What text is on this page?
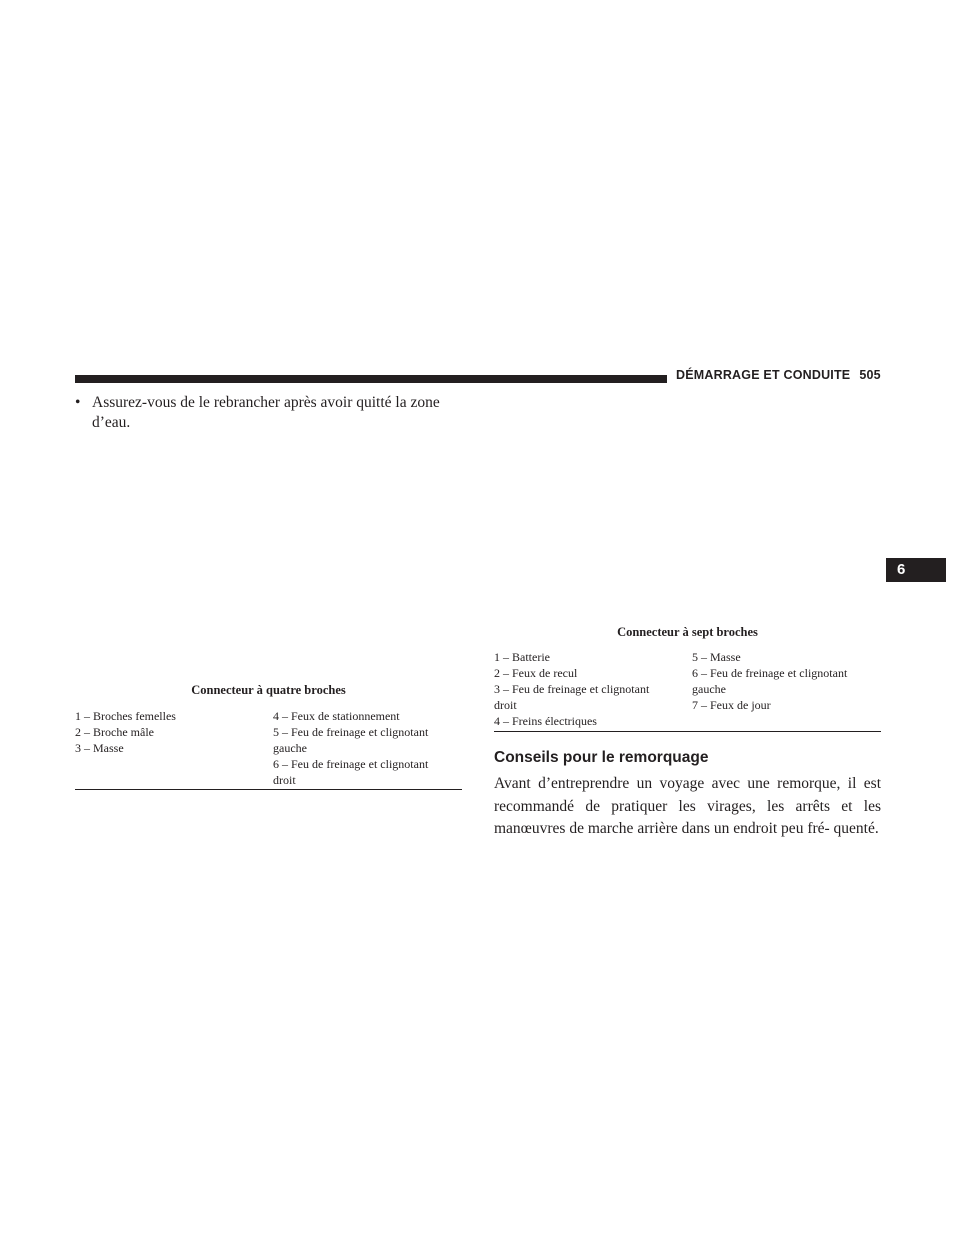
DÉMARRAGE ET CONDUITE 505
6
• Assurez-vous de le rebrancher après avoir quitté la zone d’eau.
Connecteur à quatre broches
1 – Broches femelles
2 – Broche mâle
3 – Masse
4 – Feux de stationnement
5 – Feu de freinage et clignotant
gauche
6 – Feu de freinage et clignotant
droit
Connecteur à sept broches
1 – Batterie
2 – Feux de recul
3 – Feu de freinage et clignotant
droit
4 – Freins électriques
5 – Masse
6 – Feu de freinage et clignotant
gauche
7 – Feux de jour
Conseils pour le remorquage
Avant d’entreprendre un voyage avec une remorque, il est recommandé de pratiquer les virages, les arrêts et les manœuvres de marche arrière dans un endroit peu fré- quenté.
